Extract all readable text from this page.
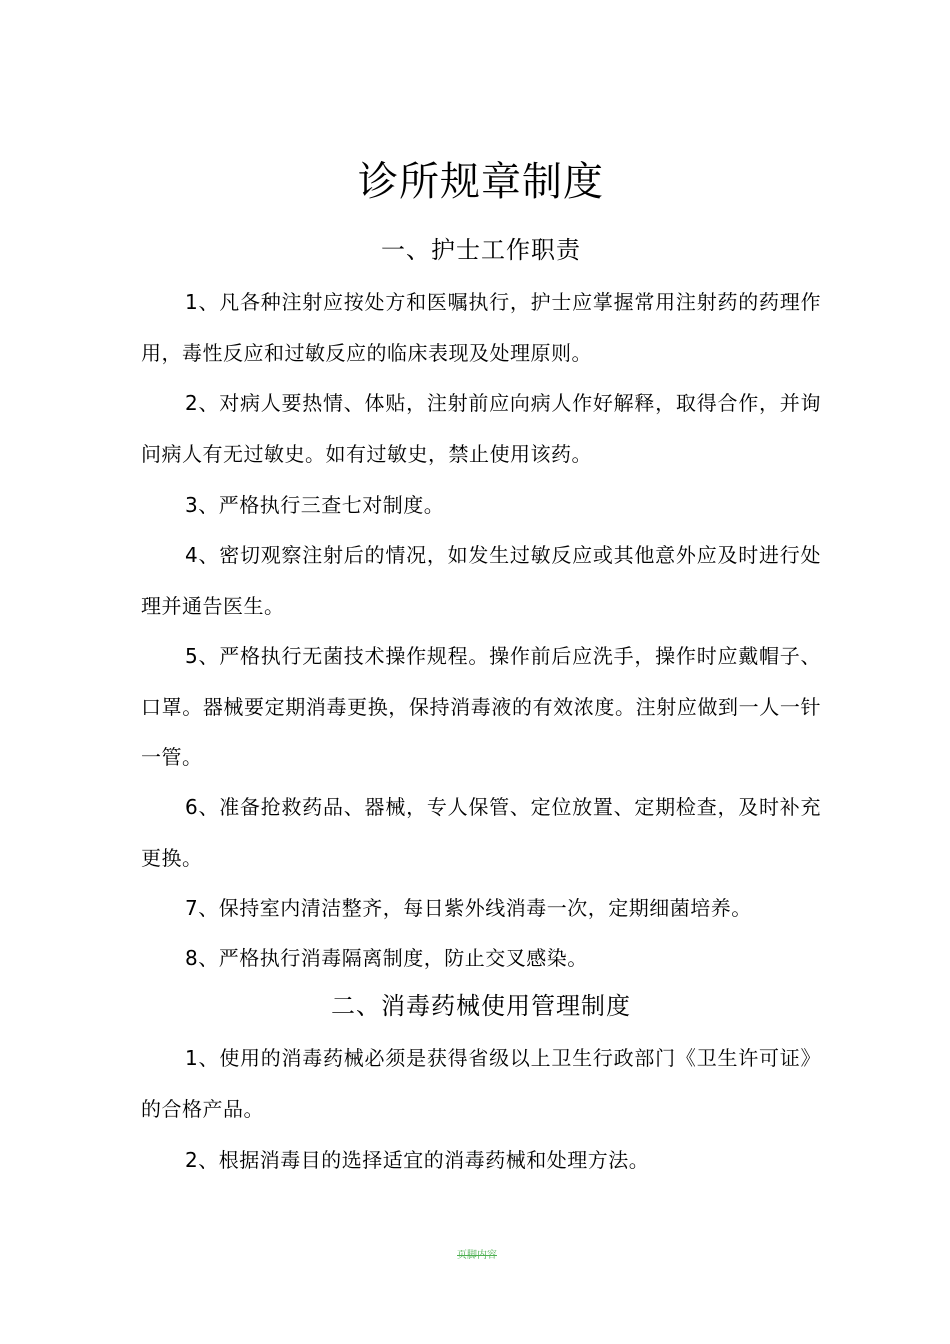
诊所规章制度
一、护士工作职责
1、凡各种注射应按处方和医嘱执行，护士应掌握常用注射药的药理作用，毒性反应和过敏反应的临床表现及处理原则。
2、对病人要热情、体贴，注射前应向病人作好解释，取得合作，并询问病人有无过敏史。如有过敏史，禁止使用该药。
3、严格执行三查七对制度。
4、密切观察注射后的情况，如发生过敏反应或其他意外应及时进行处理并通告医生。
5、严格执行无菌技术操作规程。操作前后应洗手，操作时应戴帽子、口罩。器械要定期消毒更换，保持消毒液的有效浓度。注射应做到一人一针一管。
6、准备抢救药品、器械，专人保管、定位放置、定期检查，及时补充更换。
7、保持室内清洁整齐，每日紫外线消毒一次，定期细菌培养。
8、严格执行消毒隔离制度，防止交叉感染。
二、消毒药械使用管理制度
1、使用的消毒药械必须是获得省级以上卫生行政部门《卫生许可证》的合格产品。
2、根据消毒目的选择适宜的消毒药械和处理方法。
页脚内容
